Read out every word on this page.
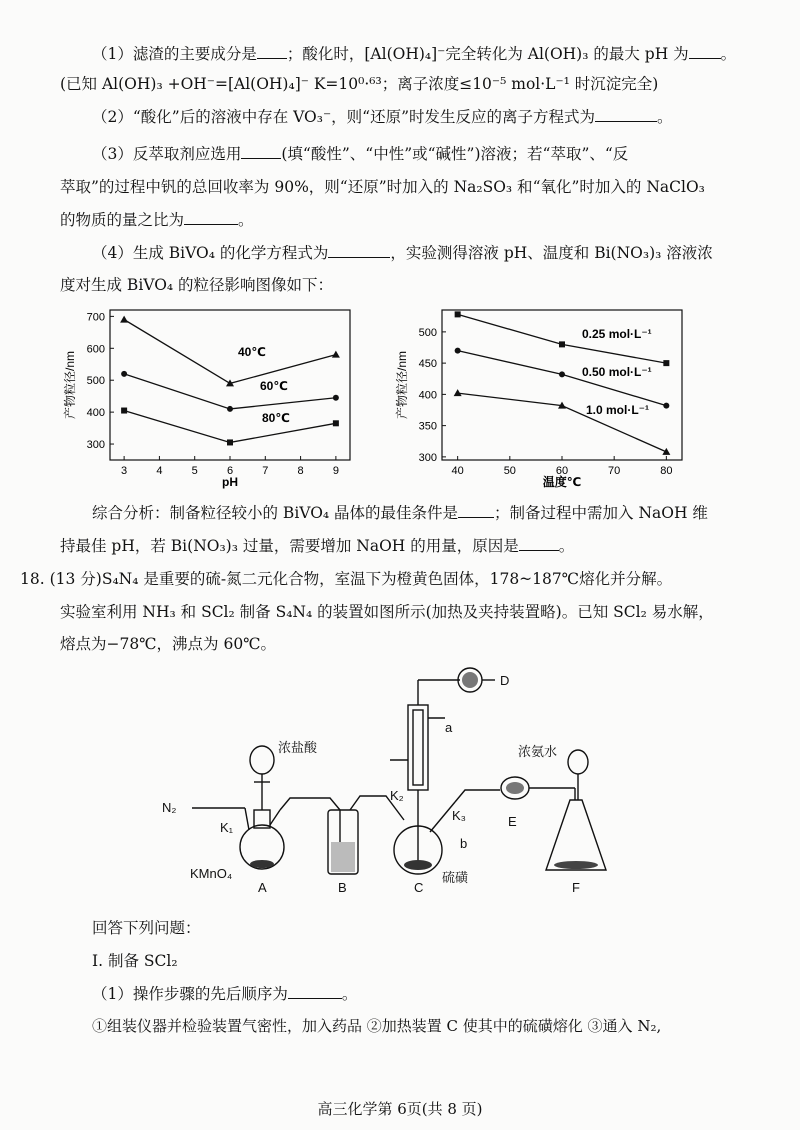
（1）滤渣的主要成分是 ；酸化时，[Al(OH)₄]⁻完全转化为 Al(OH)₃ 的最大 pH 为 。
(已知 Al(OH)₃ +OH⁻=[Al(OH)₄]⁻ K=10⁰·⁶³；离子浓度≤10⁻⁵ mol·L⁻¹ 时沉淀完全)
（2）“酸化”后的溶液中存在 VO₃⁻，则“还原”时发生反应的离子方程式为	。
（3）反萃取剂应选用	(填“酸性”、“中性”或“碱性”)溶液；若“萃取”、“反
萃取”的过程中钒的总回收率为 90%，则“还原”时加入的 Na₂SO₃ 和“氧化”时加入的 NaClO₃
的物质的量之比为	。
（4）生成 BiVO₄ 的化学方程式为	，实验测得溶液 pH、温度和 Bi(NO₃)₃ 溶液浓
度对生成 BiVO₄ 的粒径影响图像如下：
3	4	5	6	7	8	9
300
400
500
600
700
pH
产物粒径/nm	40℃
60℃
80℃
40	50	60	70	80
300
350
400
450
500
温度℃
产物粒径/nm
0.25 mol·L⁻¹
0.50 mol·L⁻¹
1.0 mol·L⁻¹
综合分析：制备粒径较小的 BiVO₄ 晶体的最佳条件是 ；制备过程中需加入 NaOH 维
持最佳 pH，若 Bi(NO₃)₃ 过量，需要增加 NaOH 的用量，原因是	。
18. (13 分)S₄N₄ 是重要的硫-氮二元化合物，室温下为橙黄色固体，178~187℃熔化并分解。
实验室利用 NH₃ 和 SCl₂ 制备 S₄N₄ 的装置如图所示(加热及夹持装置略)。已知 SCl₂ 易水解，
熔点为−78℃，沸点为 60℃。
D
a
K₂
K₃
b
E
F
N₂
K₁
浓盐酸	浓氨水
KMnO₄	硫磺
A	B	C
回答下列问题：
Ⅰ. 制备 SCl₂
（1）操作步骤的先后顺序为	。
①组装仪器并检验装置气密性，加入药品 ②加热装置 C 使其中的硫磺熔化 ③通入 N₂,
高三化学第 6页(共 8 页)
